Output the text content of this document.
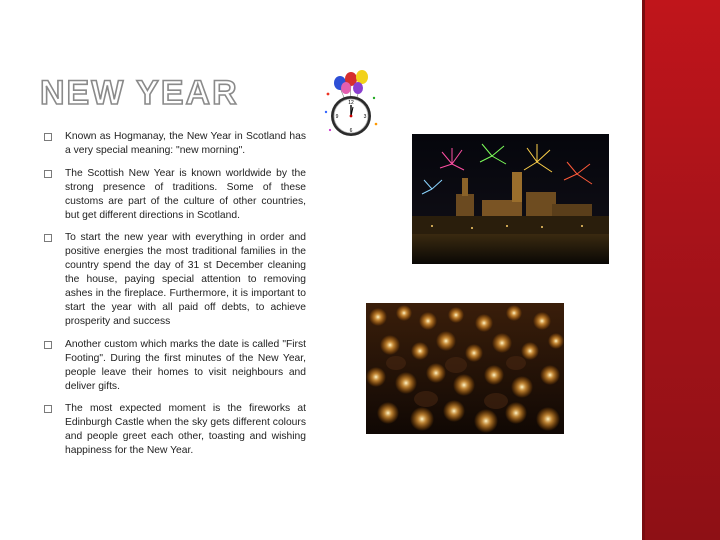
NEW YEAR	12
3
6
9
Known as Hogmanay, the New Year in Scotland has a very special meaning: "new morning".
The Scottish New Year is known worldwide by the strong presence of traditions. Some of these customs are part of the culture of other countries, but get different directions in Scotland.
To start the new year with everything in order and positive energies the most traditional families in the country spend the day of 31 st December cleaning the house, paying special attention to removing ashes in the fireplace. Furthermore, it is important to start the year with all paid off debts, to achieve prosperity and success
Another custom which marks the date is called "First Footing". During the first minutes of the New Year, people leave their homes to visit neighbours and deliver gifts.
The most expected moment is the fireworks at Edinburgh Castle when the sky gets different colours and people greet each other, toasting and wishing happiness for the New Year.
